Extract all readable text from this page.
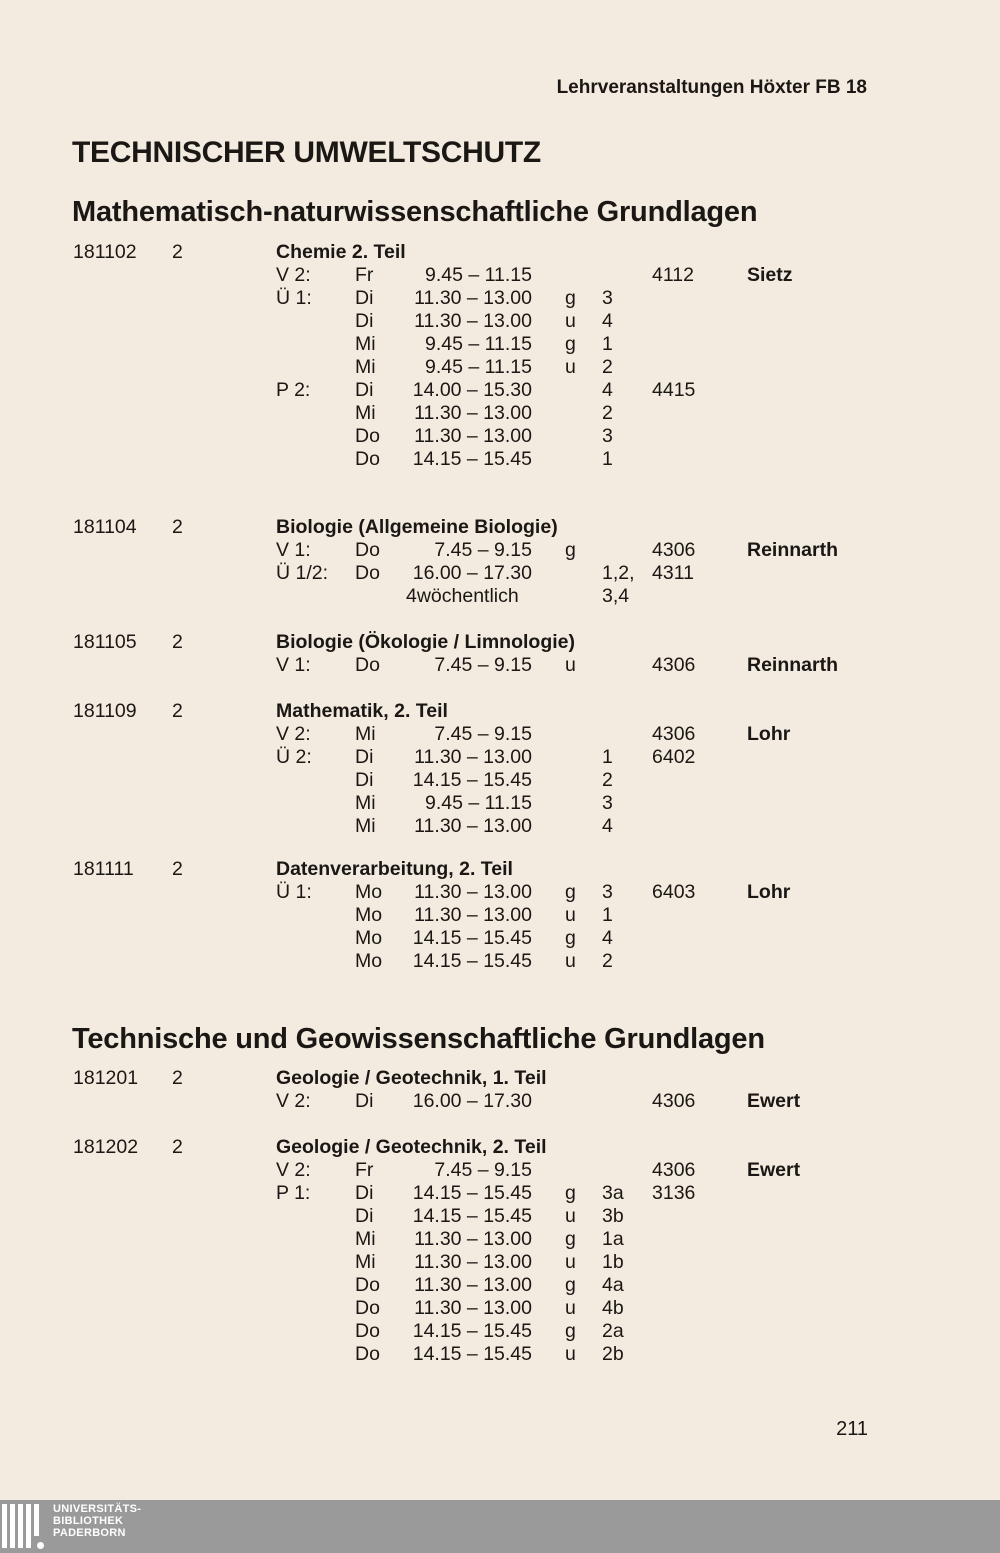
Lehrveranstaltungen Höxter FB 18
TECHNISCHER UMWELTSCHUTZ
Mathematisch-naturwissenschaftliche Grundlagen
Technische und Geowissenschaftliche Grundlagen
181102 2	Chemie 2. Teil
V 2: Fr	9.45 – 11.15	4112	Sietz
Ü 1: Di	11.30 – 13.00 g 3
Di	11.30 – 13.00 u 4
Mi	9.45 – 11.15 g 1
Mi	9.45 – 11.15 u 2
P 2: Di	14.00 – 15.30	4 4415
Mi	11.30 – 13.00	2
Do	11.30 – 13.00	3
Do	14.15 – 15.45	1
181104 2	Biologie (Allgemeine Biologie)
V 1: Do	7.45 – 9.15 g	4306	Reinnarth
Ü 1/2: Do	16.00 – 17.30	1,2, 4311
4wöchentlich	3,4
181105 2	Biologie (Ökologie / Limnologie)
V 1: Do	7.45 – 9.15 u	4306	Reinnarth
181109 2	Mathematik, 2. Teil
V 2: Mi	7.45 – 9.15	4306	Lohr
Ü 2: Di	11.30 – 13.00	1 6402
Di	14.15 – 15.45	2
Mi	9.45 – 11.15	3
Mi	11.30 – 13.00	4
181111 2	Datenverarbeitung, 2. Teil
Ü 1: Mo	11.30 – 13.00 g 3 6403	Lohr
Mo	11.30 – 13.00 u 1
Mo	14.15 – 15.45 g 4
Mo	14.15 – 15.45 u 2
181201 2	Geologie / Geotechnik, 1. Teil
V 2: Di	16.00 – 17.30	4306	Ewert
181202 2	Geologie / Geotechnik, 2. Teil
V 2: Fr	7.45 – 9.15	4306	Ewert
P 1: Di	14.15 – 15.45 g 3a 3136
Di	14.15 – 15.45 u 3b
Mi	11.30 – 13.00 g 1a
Mi	11.30 – 13.00 u 1b
Do	11.30 – 13.00 g 4a
Do	11.30 – 13.00 u 4b
Do	14.15 – 15.45 g 2a
Do	14.15 – 15.45 u 2b
211
UNIVERSITÄTS-
BIBLIOTHEK
PADERBORN
